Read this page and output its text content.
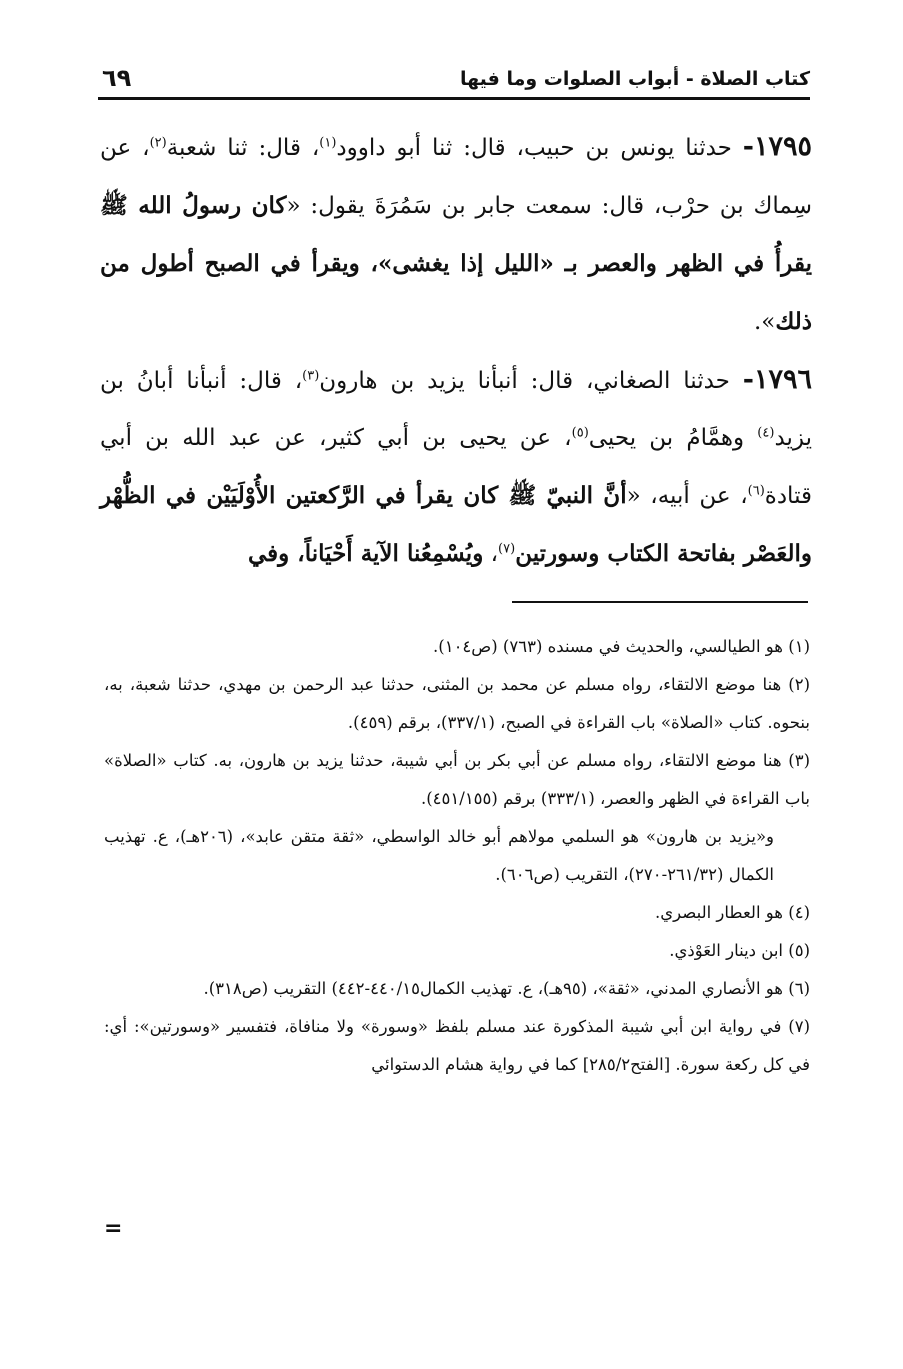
كتاب الصلاة - أبواب الصلوات وما فيها
٦٩

١٧٩٥- حدثنا يونس بن حبيب، قال: ثنا أبو داوود$^{(١)}$، قال: ثنا شعبة$^{(٢)}$، عن سِماك بن حرْب، قال: سمعت جابر بن سَمُرَةَ يقول: «كان رسولُ الله ﷺ يقرأُ في الظهر والعصر بـ «الليل إذا يغشى»، ويقرأ في الصبح أطول من ذلك».

١٧٩٦- حدثنا الصغاني، قال: أنبأنا يزيد بن هارون$^{(٣)}$، قال: أنبأنا أبانُ بن يزيد$^{(٤)}$ وهمَّامُ بن يحيى$^{(٥)}$، عن يحيى بن أبي كثير، عن عبد الله بن أبي قتادة$^{(٦)}$، عن أبيه، «أنَّ النبيّ ﷺ كان يقرأ في الرَّكعتين الأُوْلَيَيْن في الظُّهْر والعَصْر بفاتحة الكتاب وسورتين$^{(٧)}$، ويُسْمِعُنا الآية أَحْيَاناً، وفي

(١) هو الطيالسي، والحديث في مسنده (٧٦٣) (ص١٠٤).

(٢) هنا موضع الالتقاء، رواه مسلم عن محمد بن المثنى، حدثنا عبد الرحمن بن مهدي، حدثنا شعبة، به، بنحوه. كتاب «الصلاة» باب القراءة في الصبح، (٣٣٧/١)، برقم (٤٥٩).

(٣) هنا موضع الالتقاء، رواه مسلم عن أبي بكر بن أبي شيبة، حدثنا يزيد بن هارون، به. كتاب «الصلاة» باب القراءة في الظهر والعصر، (٣٣٣/١) برقم (٤٥١/١٥٥).

و«يزيد بن هارون» هو السلمي مولاهم أبو خالد الواسطي، «ثقة متقن عابد»، (٢٠٦هـ)، ع. تهذيب الكمال (٢٦١/٣٢-٢٧٠)، التقريب (ص٦٠٦).

(٤) هو العطار البصري.

(٥) ابن دينار العَوْذي.

(٦) هو الأنصاري المدني، «ثقة»، (٩٥هـ)، ع. تهذيب الكمال٤٤٠/١٥-٤٤٢) التقريب (ص٣١٨).

(٧) في رواية ابن أبي شيبة المذكورة عند مسلم بلفظ «وسورة» ولا منافاة، فتفسير «وسورتين»: أي: في كل ركعة سورة. [الفتح٢٨٥/٢] كما في رواية هشام الدستوائي

=
